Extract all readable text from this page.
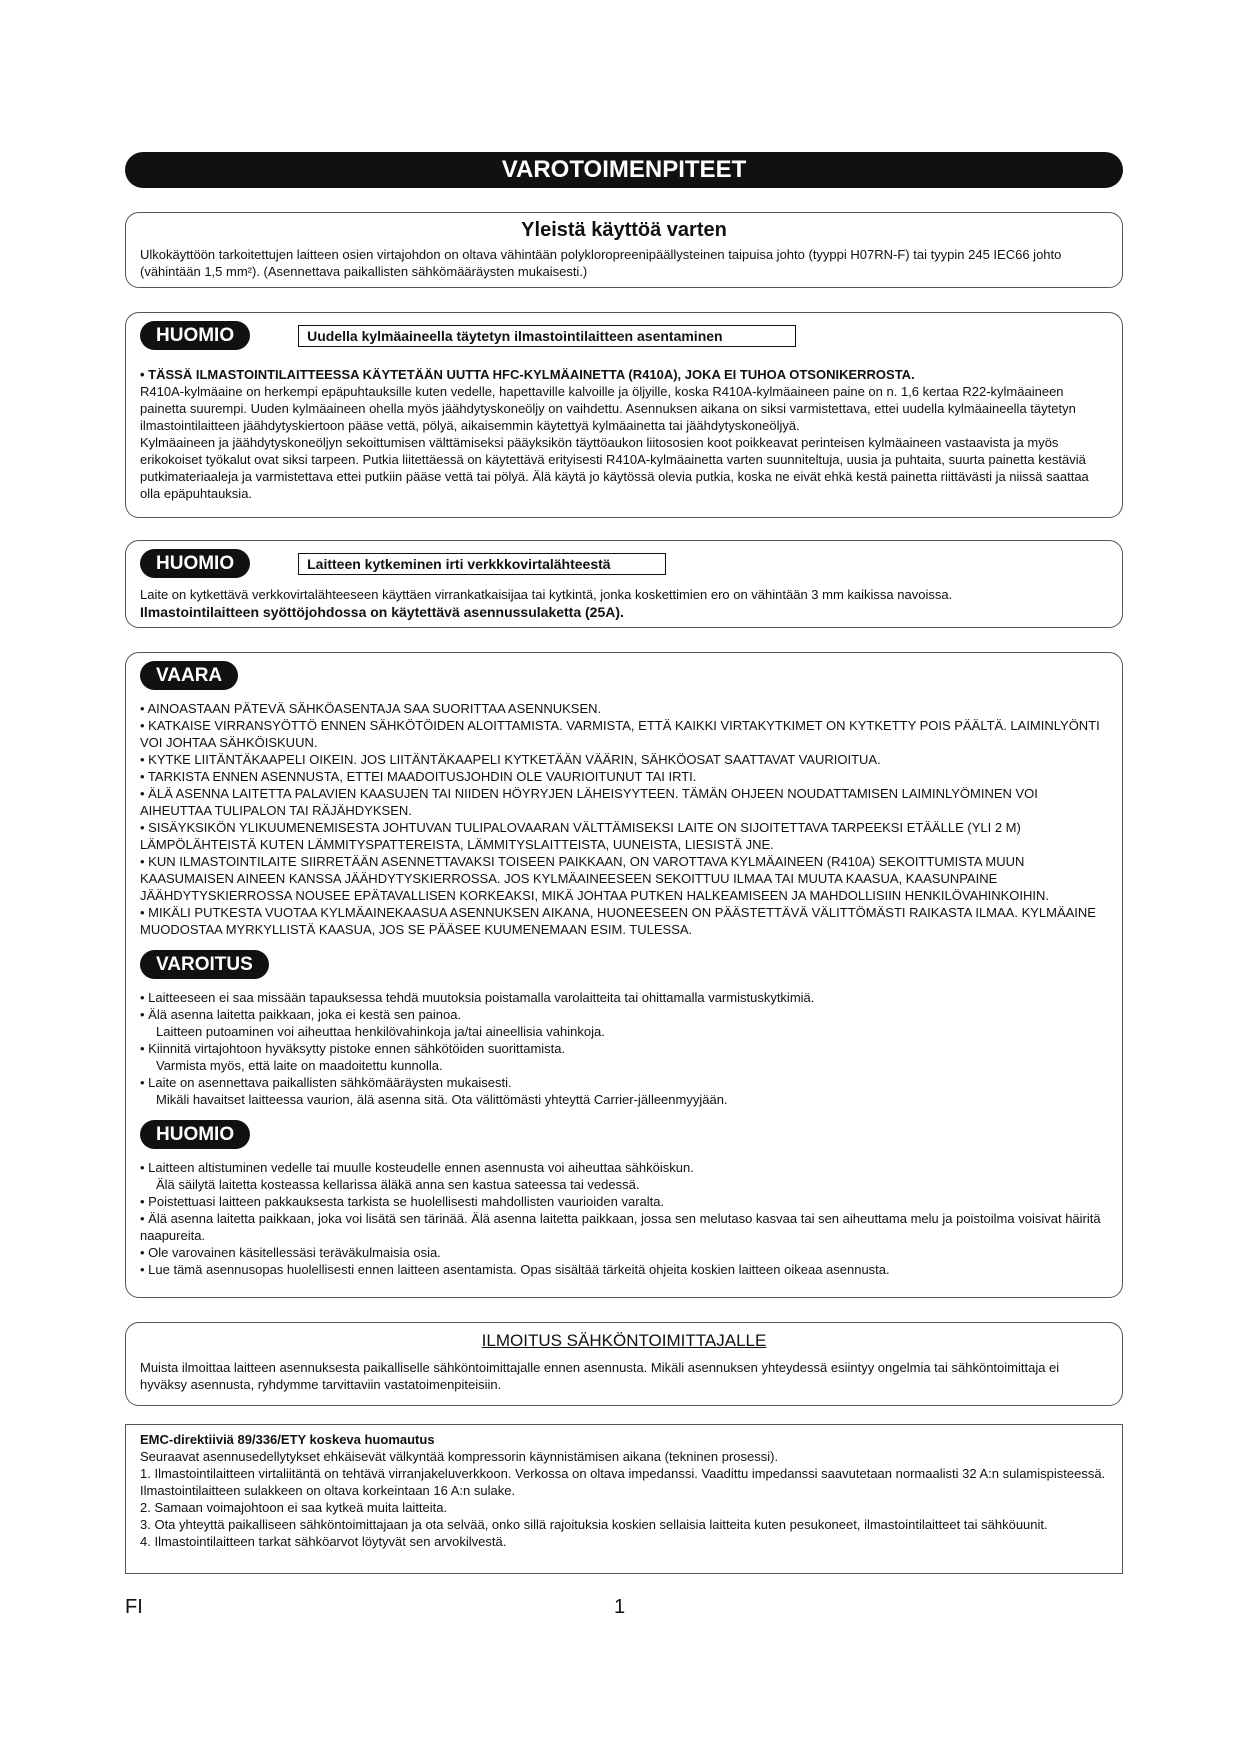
VAROTOIMENPITEET
Yleistä käyttöä varten

Ulkokäyttöön tarkoitettujen laitteen osien virtajohdon on oltava vähintään polykloropreenipäällysteinen taipuisa johto (tyyppi H07RN-F) tai tyypin 245 IEC66 johto (vähintään 1,5 mm²). (Asennettava paikallisten sähkömääräysten mukaisesti.)

HUOMIO	Uudella kylmäaineella täytetyn ilmastointilaitteen asentaminen

• TÄSSÄ ILMASTOINTILAITTEESSA KÄYTETÄÄN UUTTA HFC-KYLMÄAINETTA (R410A), JOKA EI TUHOA OTSONIKERROSTA.

R410A-kylmäaine on herkempi epäpuhtauksille kuten vedelle, hapettaville kalvoille ja öljyille, koska R410A-kylmäaineen paine on n. 1,6 kertaa R22-kylmäaineen painetta suurempi. Uuden kylmäaineen ohella myös jäähdytyskoneöljy on vaihdettu. Asennuksen aikana on siksi varmistettava, ettei uudella kylmäaineella täytetyn ilmastointilaitteen jäähdytyskiertoon pääse vettä, pölyä, aikaisemmin käytettyä kylmäainetta tai jäähdytyskoneöljyä.

Kylmäaineen ja jäähdytyskoneöljyn sekoittumisen välttämiseksi pääyksikön täyttöaukon liitososien koot poikkeavat perinteisen kylmäaineen vastaavista ja myös erikokoiset työkalut ovat siksi tarpeen. Putkia liitettäessä on käytettävä erityisesti R410A-kylmäainetta varten suunniteltuja, uusia ja puhtaita, suurta painetta kestäviä putkimateriaaleja ja varmistettava ettei putkiin pääse vettä tai pölyä. Älä käytä jo käytössä olevia putkia, koska ne eivät ehkä kestä painetta riittävästi ja niissä saattaa olla epäpuhtauksia.

HUOMIO	Laitteen kytkeminen irti verkkkovirtalähteestä

Laite on kytkettävä verkkovirtalähteeseen käyttäen virrankatkaisijaa tai kytkintä, jonka koskettimien ero on vähintään 3 mm kaikissa navoissa.

Ilmastointilaitteen syöttöjohdossa on käytettävä asennussulaketta (25A).

VAARA

• AINOASTAAN PÄTEVÄ SÄHKÖASENTAJA SAA SUORITTAA ASENNUKSEN.

• KATKAISE VIRRANSYÖTTÖ ENNEN SÄHKÖTÖIDEN ALOITTAMISTA. VARMISTA, ETTÄ KAIKKI VIRTAKYTKIMET ON KYTKETTY POIS PÄÄLTÄ. LAIMINLYÖNTI VOI JOHTAA SÄHKÖISKUUN.

• KYTKE LIITÄNTÄKAAPELI OIKEIN. JOS LIITÄNTÄKAAPELI KYTKETÄÄN VÄÄRIN, SÄHKÖOSAT SAATTAVAT VAURIOITUA.

• TARKISTA ENNEN ASENNUSTA, ETTEI MAADOITUSJOHDIN OLE VAURIOITUNUT TAI IRTI.

• ÄLÄ ASENNA LAITETTA PALAVIEN KAASUJEN TAI NIIDEN HÖYRYJEN LÄHEISYYTEEN. TÄMÄN OHJEEN NOUDATTAMISEN LAIMINLYÖMINEN VOI AIHEUTTAA TULIPALON TAI RÄJÄHDYKSEN.

• SISÄYKSIKÖN YLIKUUMENEMISESTA JOHTUVAN TULIPALOVAARAN VÄLTTÄMISEKSI LAITE ON SIJOITETTAVA TARPEEKSI ETÄÄLLE (YLI 2 M) LÄMPÖLÄHTEISTÄ KUTEN LÄMMITYSPATTEREISTA, LÄMMITYSLAITTEISTA, UUNEISTA, LIESISTÄ JNE.

• KUN ILMASTOINTILAITE SIIRRETÄÄN ASENNETTAVAKSI TOISEEN PAIKKAAN, ON VAROTTAVA KYLMÄAINEEN (R410A) SEKOITTUMISTA MUUN KAASUMAISEN AINEEN KANSSA JÄÄHDYTYSKIERROSSA. JOS KYLMÄAINEESEEN SEKOITTUU ILMAA TAI MUUTA KAASUA, KAASUNPAINE JÄÄHDYTYSKIERROSSA NOUSEE EPÄTAVALLISEN KORKEAKSI, MIKÄ JOHTAA PUTKEN HALKEAMISEEN JA MAHDOLLISIIN HENKILÖVAHINKOIHIN.

• MIKÄLI PUTKESTA VUOTAA KYLMÄAINEKAASUA ASENNUKSEN AIKANA, HUONEESEEN ON PÄÄSTETTÄVÄ VÄLITTÖMÄSTI RAIKASTA ILMAA. KYLMÄAINE MUODOSTAA MYRKYLLISTÄ KAASUA, JOS SE PÄÄSEE KUUMENEMAAN ESIM. TULESSA.

VAROITUS

• Laitteeseen ei saa missään tapauksessa tehdä muutoksia poistamalla varolaitteita tai ohittamalla varmistuskytkimiä.

• Älä asenna laitetta paikkaan, joka ei kestä sen painoa.

Laitteen putoaminen voi aiheuttaa henkilövahinkoja ja/tai aineellisia vahinkoja.

• Kiinnitä virtajohtoon hyväksytty pistoke ennen sähkötöiden suorittamista.

Varmista myös, että laite on maadoitettu kunnolla.

• Laite on asennettava paikallisten sähkömääräysten mukaisesti.

Mikäli havaitset laitteessa vaurion, älä asenna sitä. Ota välittömästi yhteyttä Carrier-jälleenmyyjään.

HUOMIO

• Laitteen altistuminen vedelle tai muulle kosteudelle ennen asennusta voi aiheuttaa sähköiskun.

Älä säilytä laitetta kosteassa kellarissa äläkä anna sen kastua sateessa tai vedessä.

• Poistettuasi laitteen pakkauksesta tarkista se huolellisesti mahdollisten vaurioiden varalta.

• Älä asenna laitetta paikkaan, joka voi lisätä sen tärinää. Älä asenna laitetta paikkaan, jossa sen melutaso kasvaa tai sen aiheuttama melu ja poistoilma voisivat häiritä naapureita.

• Ole varovainen käsitellessäsi teräväkulmaisia osia.

• Lue tämä asennusopas huolellisesti ennen laitteen asentamista. Opas sisältää tärkeitä ohjeita koskien laitteen oikeaa asennusta.

ILMOITUS SÄHKÖNTOIMITTAJALLE

Muista ilmoittaa laitteen asennuksesta paikalliselle sähköntoimittajalle ennen asennusta. Mikäli asennuksen yhteydessä esiintyy ongelmia tai sähköntoimittaja ei hyväksy asennusta, ryhdymme tarvittaviin vastatoimenpiteisiin.

EMC-direktiiviä 89/336/ETY koskeva huomautus

Seuraavat asennusedellytykset ehkäisevät välkyntää kompressorin käynnistämisen aikana (tekninen prosessi).

1. Ilmastointilaitteen virtaliitäntä on tehtävä virranjakeluverkkoon. Verkossa on oltava impedanssi. Vaadittu impedanssi saavutetaan normaalisti 32 A:n sulamispisteessä. Ilmastointilaitteen sulakkeen on oltava korkeintaan 16 A:n sulake.

2. Samaan voimajohtoon ei saa kytkeä muita laitteita.

3. Ota yhteyttä paikalliseen sähköntoimittajaan ja ota selvää, onko sillä rajoituksia koskien sellaisia laitteita kuten pesukoneet, ilmastointilaitteet tai sähköuunit.

4. Ilmastointilaitteen tarkat sähköarvot löytyvät sen arvokilvestä.

FI	1
